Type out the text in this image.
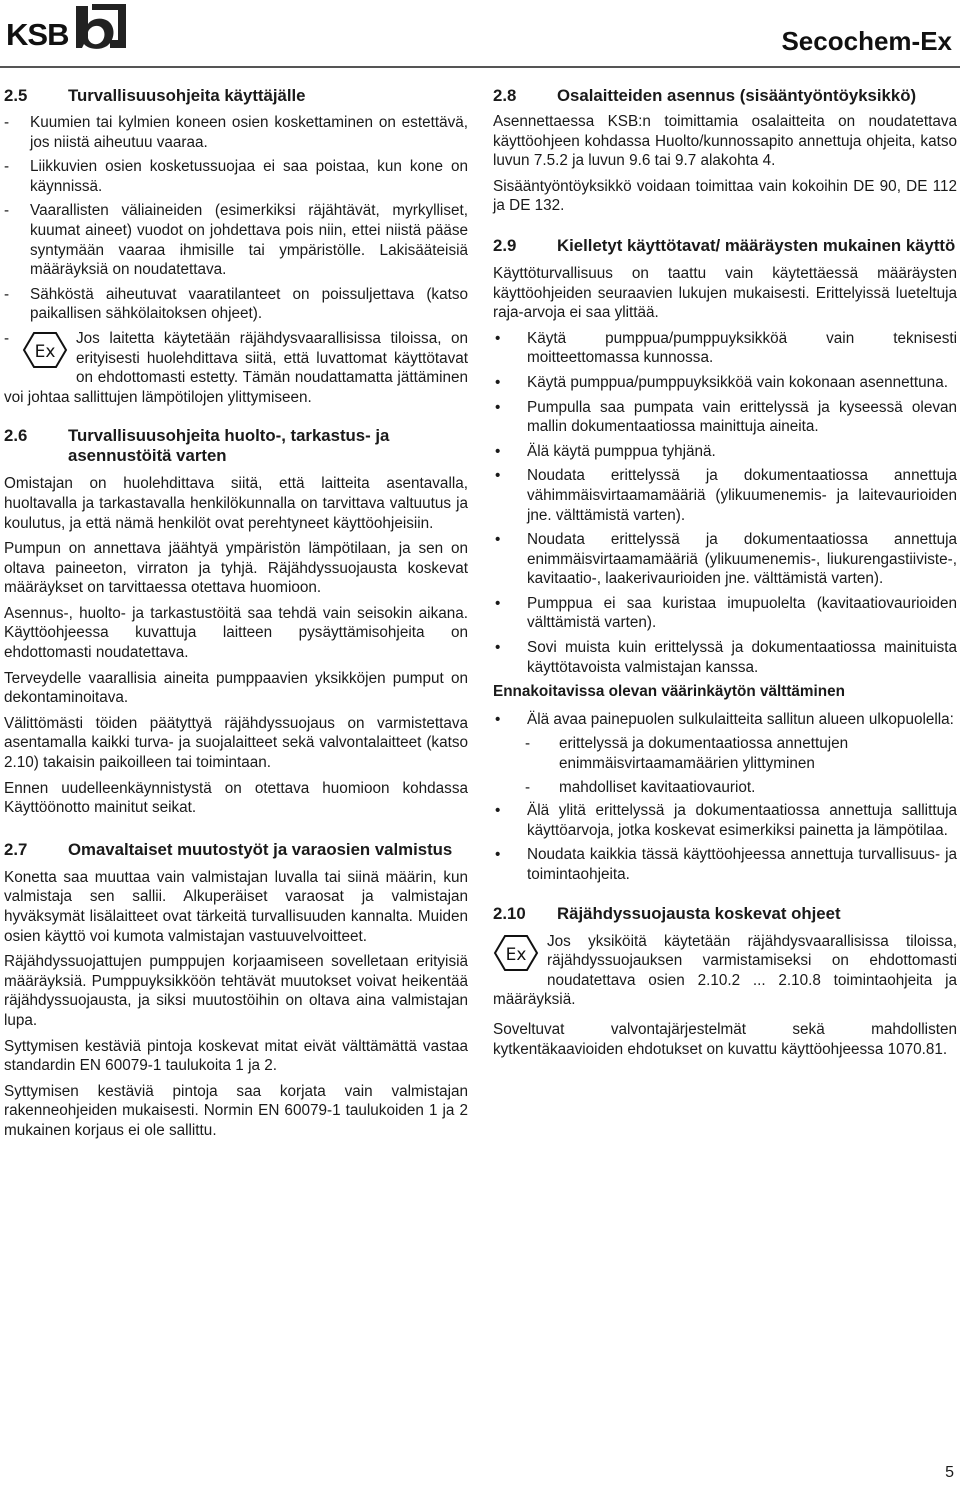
KSB	Secochem-Ex
2.5	Turvallisuusohjeita käyttäjälle
-	Kuumien tai kylmien koneen osien koskettaminen on estettävä, jos niistä aiheutuu vaaraa.
-	Liikkuvien osien kosketussuojaa ei saa poistaa, kun kone on käynnissä.
-	Vaarallisten väliaineiden (esimerkiksi räjähtävät, myrkylliset, kuumat aineet) vuodot on johdettava pois niin, ettei niistä pääse syntymään vaaraa ihmisille tai ympäristölle. Lakisääteisiä määräyksiä on noudatettava.
-	Sähköstä aiheutuvat vaaratilanteet on poissuljettava (katso paikallisen sähkölaitoksen ohjeet).
-
Ex
Jos laitetta käytetään räjähdysvaarallisissa tiloissa, on erityisesti huolehdittava siitä, että luvattomat käyttötavat on ehdottomasti estetty. Tämän noudattamatta jättäminen voi johtaa sallittujen lämpötilojen ylittymiseen.
2.6	Turvallisuusohjeita huolto-, tarkastus- ja asennustöitä varten

Omistajan on huolehdittava siitä, että laitteita asentavalla, huoltavalla ja tarkastavalla henkilökunnalla on tarvittava valtuutus ja koulutus, ja että nämä henkilöt ovat perehtyneet käyttöohjeisiin.

Pumpun on annettava jäähtyä ympäristön lämpötilaan, ja sen on oltava paineeton, virraton ja tyhjä. Räjähdyssuojausta koskevat määräykset on tarvittaessa otettava huomioon.

Asennus-, huolto- ja tarkastustöitä saa tehdä vain seisokin aikana. Käyttöohjeessa kuvattuja laitteen pysäyttämisohjeita on ehdottomasti noudatettava.

Terveydelle vaarallisia aineita pumppaavien yksikköjen pumput on dekontaminoitava.

Välittömästi töiden päätyttyä räjähdyssuojaus on varmistettava asentamalla kaikki turva- ja suojalaitteet sekä valvontalaitteet (katso 2.10) takaisin paikoilleen tai toimintaan.

Ennen uudelleenkäynnistystä on otettava huomioon kohdassa Käyttöönotto mainitut seikat.

2.7	Omavaltaiset muutostyöt ja varaosien valmistus

Konetta saa muuttaa vain valmistajan luvalla tai siinä määrin, kun valmistaja sen sallii. Alkuperäiset varaosat ja valmistajan hyväksymät lisälaitteet ovat tärkeitä turvallisuuden kannalta. Muiden osien käyttö voi kumota valmistajan vastuuvelvoitteet.

Räjähdyssuojattujen pumppujen korjaamiseen sovelletaan erityisiä määräyksiä. Pumppuyksikköön tehtävät muutokset voivat heikentää räjähdyssuojausta, ja siksi muutostöihin on oltava aina valmistajan lupa.

Syttymisen kestäviä pintoja koskevat mitat eivät välttämättä vastaa standardin EN 60079-1 taulukoita 1 ja 2.

Syttymisen kestäviä pintoja saa korjata vain valmistajan rakenneohjeiden mukaisesti. Normin EN 60079-1 taulukoiden 1 ja 2 mukainen korjaus ei ole sallittu.

2.8	Osalaitteiden asennus (sisääntyöntöyksikkö)

Asennettaessa KSB:n toimittamia osalaitteita on noudatettava käyttöohjeen kohdassa Huolto/kunnossapito annettuja ohjeita, katso luvun 7.5.2 ja luvun 9.6 tai 9.7 alakohta 4.

Sisääntyöntöyksikkö voidaan toimittaa vain kokoihin DE 90, DE 112 ja DE 132.

2.9	Kielletyt käyttötavat/ määräysten mukainen käyttö

Käyttöturvallisuus on taattu vain käytettäessä määräysten käyttöohjeiden seuraavien lukujen mukaisesti. Erittelyissä lueteltuja raja-arvoja ei saa ylittää.

•	Käytä pumppua/pumppuyksikköä vain teknisesti moitteettomassa kunnossa.
•	Käytä pumppua/pumppuyksikköä vain kokonaan asennettuna.
•	Pumpulla saa pumpata vain erittelyssä ja kyseessä olevan mallin dokumentaatiossa mainittuja aineita.
•	Älä käytä pumppua tyhjänä.
•	Noudata erittelyssä ja dokumentaatiossa annettuja vähimmäisvirtaamamääriä (ylikuumenemis- ja laitevaurioiden jne. välttämistä varten).
•	Noudata erittelyssä ja dokumentaatiossa annettuja enimmäisvirtaamamääriä (ylikuumenemis-, liukurengastiiviste-, kavitaatio-, laakerivaurioiden jne. välttämistä varten).
•	Pumppua ei saa kuristaa imupuolelta (kavitaatiovaurioiden välttämistä varten).
•	Sovi muista kuin erittelyssä ja dokumentaatiossa mainituista käyttötavoista valmistajan kanssa.
Ennakoitavissa olevan väärinkäytön välttäminen
•	Älä avaa painepuolen sulkulaitteita sallitun alueen ulkopuolella:
-	erittelyssä ja dokumentaatiossa annettujen enimmäisvirtaamamäärien ylittyminen
-	mahdolliset kavitaatiovauriot.
•	Älä ylitä erittelyssä ja dokumentaatiossa annettuja sallittuja käyttöarvoja, jotka koskevat esimerkiksi painetta ja lämpötilaa.
•	Noudata kaikkia tässä käyttöohjeessa annettuja turvallisuus- ja toimintaohjeita.
2.10	Räjähdyssuojausta koskevat ohjeet

Ex
Jos yksiköitä käytetään räjähdysvaarallisissa tiloissa, räjähdyssuojauksen varmistamiseksi on ehdottomasti noudatettava osien 2.10.2 ... 2.10.8 toimintaohjeita ja määräyksiä.

Soveltuvat valvontajärjestelmät sekä mahdollisten kytkentäkaavioiden ehdotukset on kuvattu käyttöohjeessa 1070.81.

5
